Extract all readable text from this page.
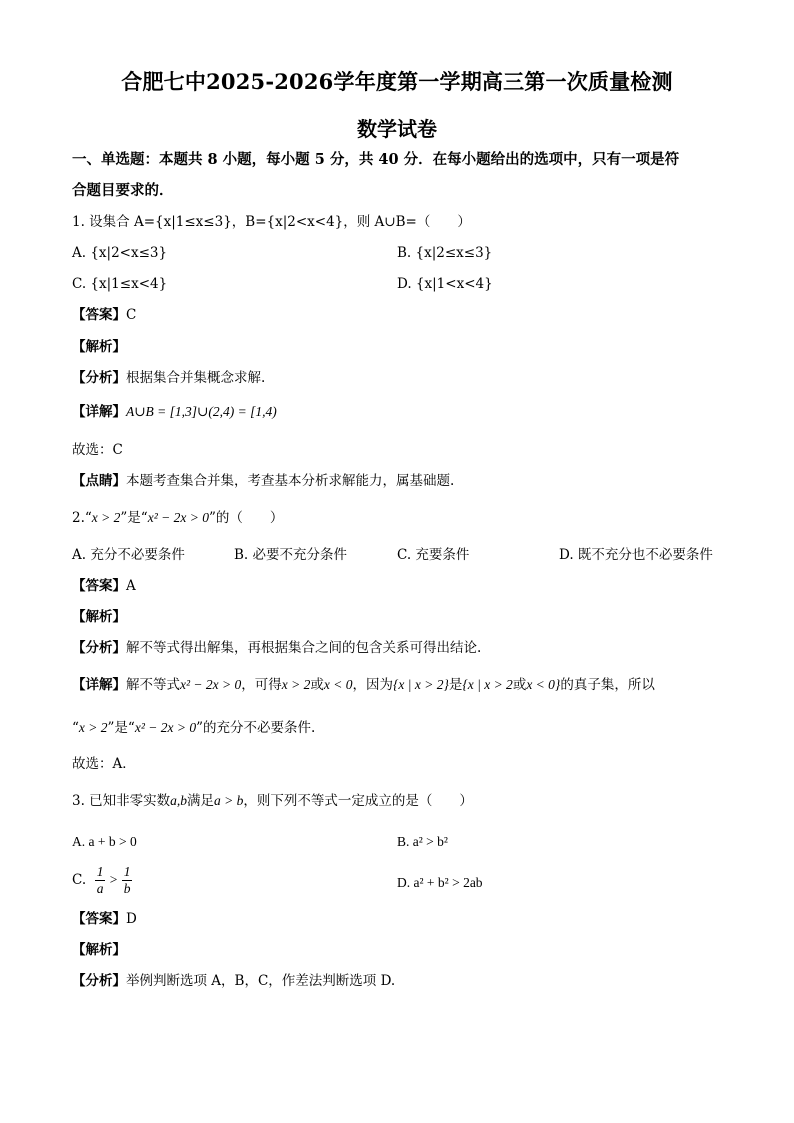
合肥七中2025-2026学年度第一学期高三第一次质量检测
数学试卷
一、单选题：本题共 8 小题，每小题 5 分，共 40 分．在每小题给出的选项中，只有一项是符
合题目要求的．
1. 设集合 A={x|1≤x≤3}，B={x|2<x<4}，则 A∪B=（　　）
A. {x|2<x≤3}	B. {x|2≤x≤3}
C. {x|1≤x<4}	D. {x|1<x<4}
【答案】C
【解析】
【分析】根据集合并集概念求解.
【详解】A∪B = [1,3]∪(2,4) = [1,4)
故选：C
【点睛】本题考查集合并集，考查基本分析求解能力，属基础题.
2.“x > 2”是“x² − 2x > 0”的（　　）
A. 充分不必要条件	B. 必要不充分条件	C. 充要条件	D. 既不充分也不必要条件
【答案】A
【解析】
【分析】解不等式得出解集，再根据集合之间的包含关系可得出结论.
【详解】解不等式x² − 2x > 0，可得x > 2或x < 0，因为{x | x > 2}是{x | x > 2或x < 0}的真子集，所以
“x > 2”是“x² − 2x > 0”的充分不必要条件.
故选：A．
3. 已知非零实数a,b满足a > b，则下列不等式一定成立的是（　　）
A. a + b > 0	B. a² > b²
C. $\frac{1}{a} > \frac{1}{b}$	D. a² + b² > 2ab
【答案】D
【解析】
【分析】举例判断选项 A，B，C，作差法判断选项 D.
